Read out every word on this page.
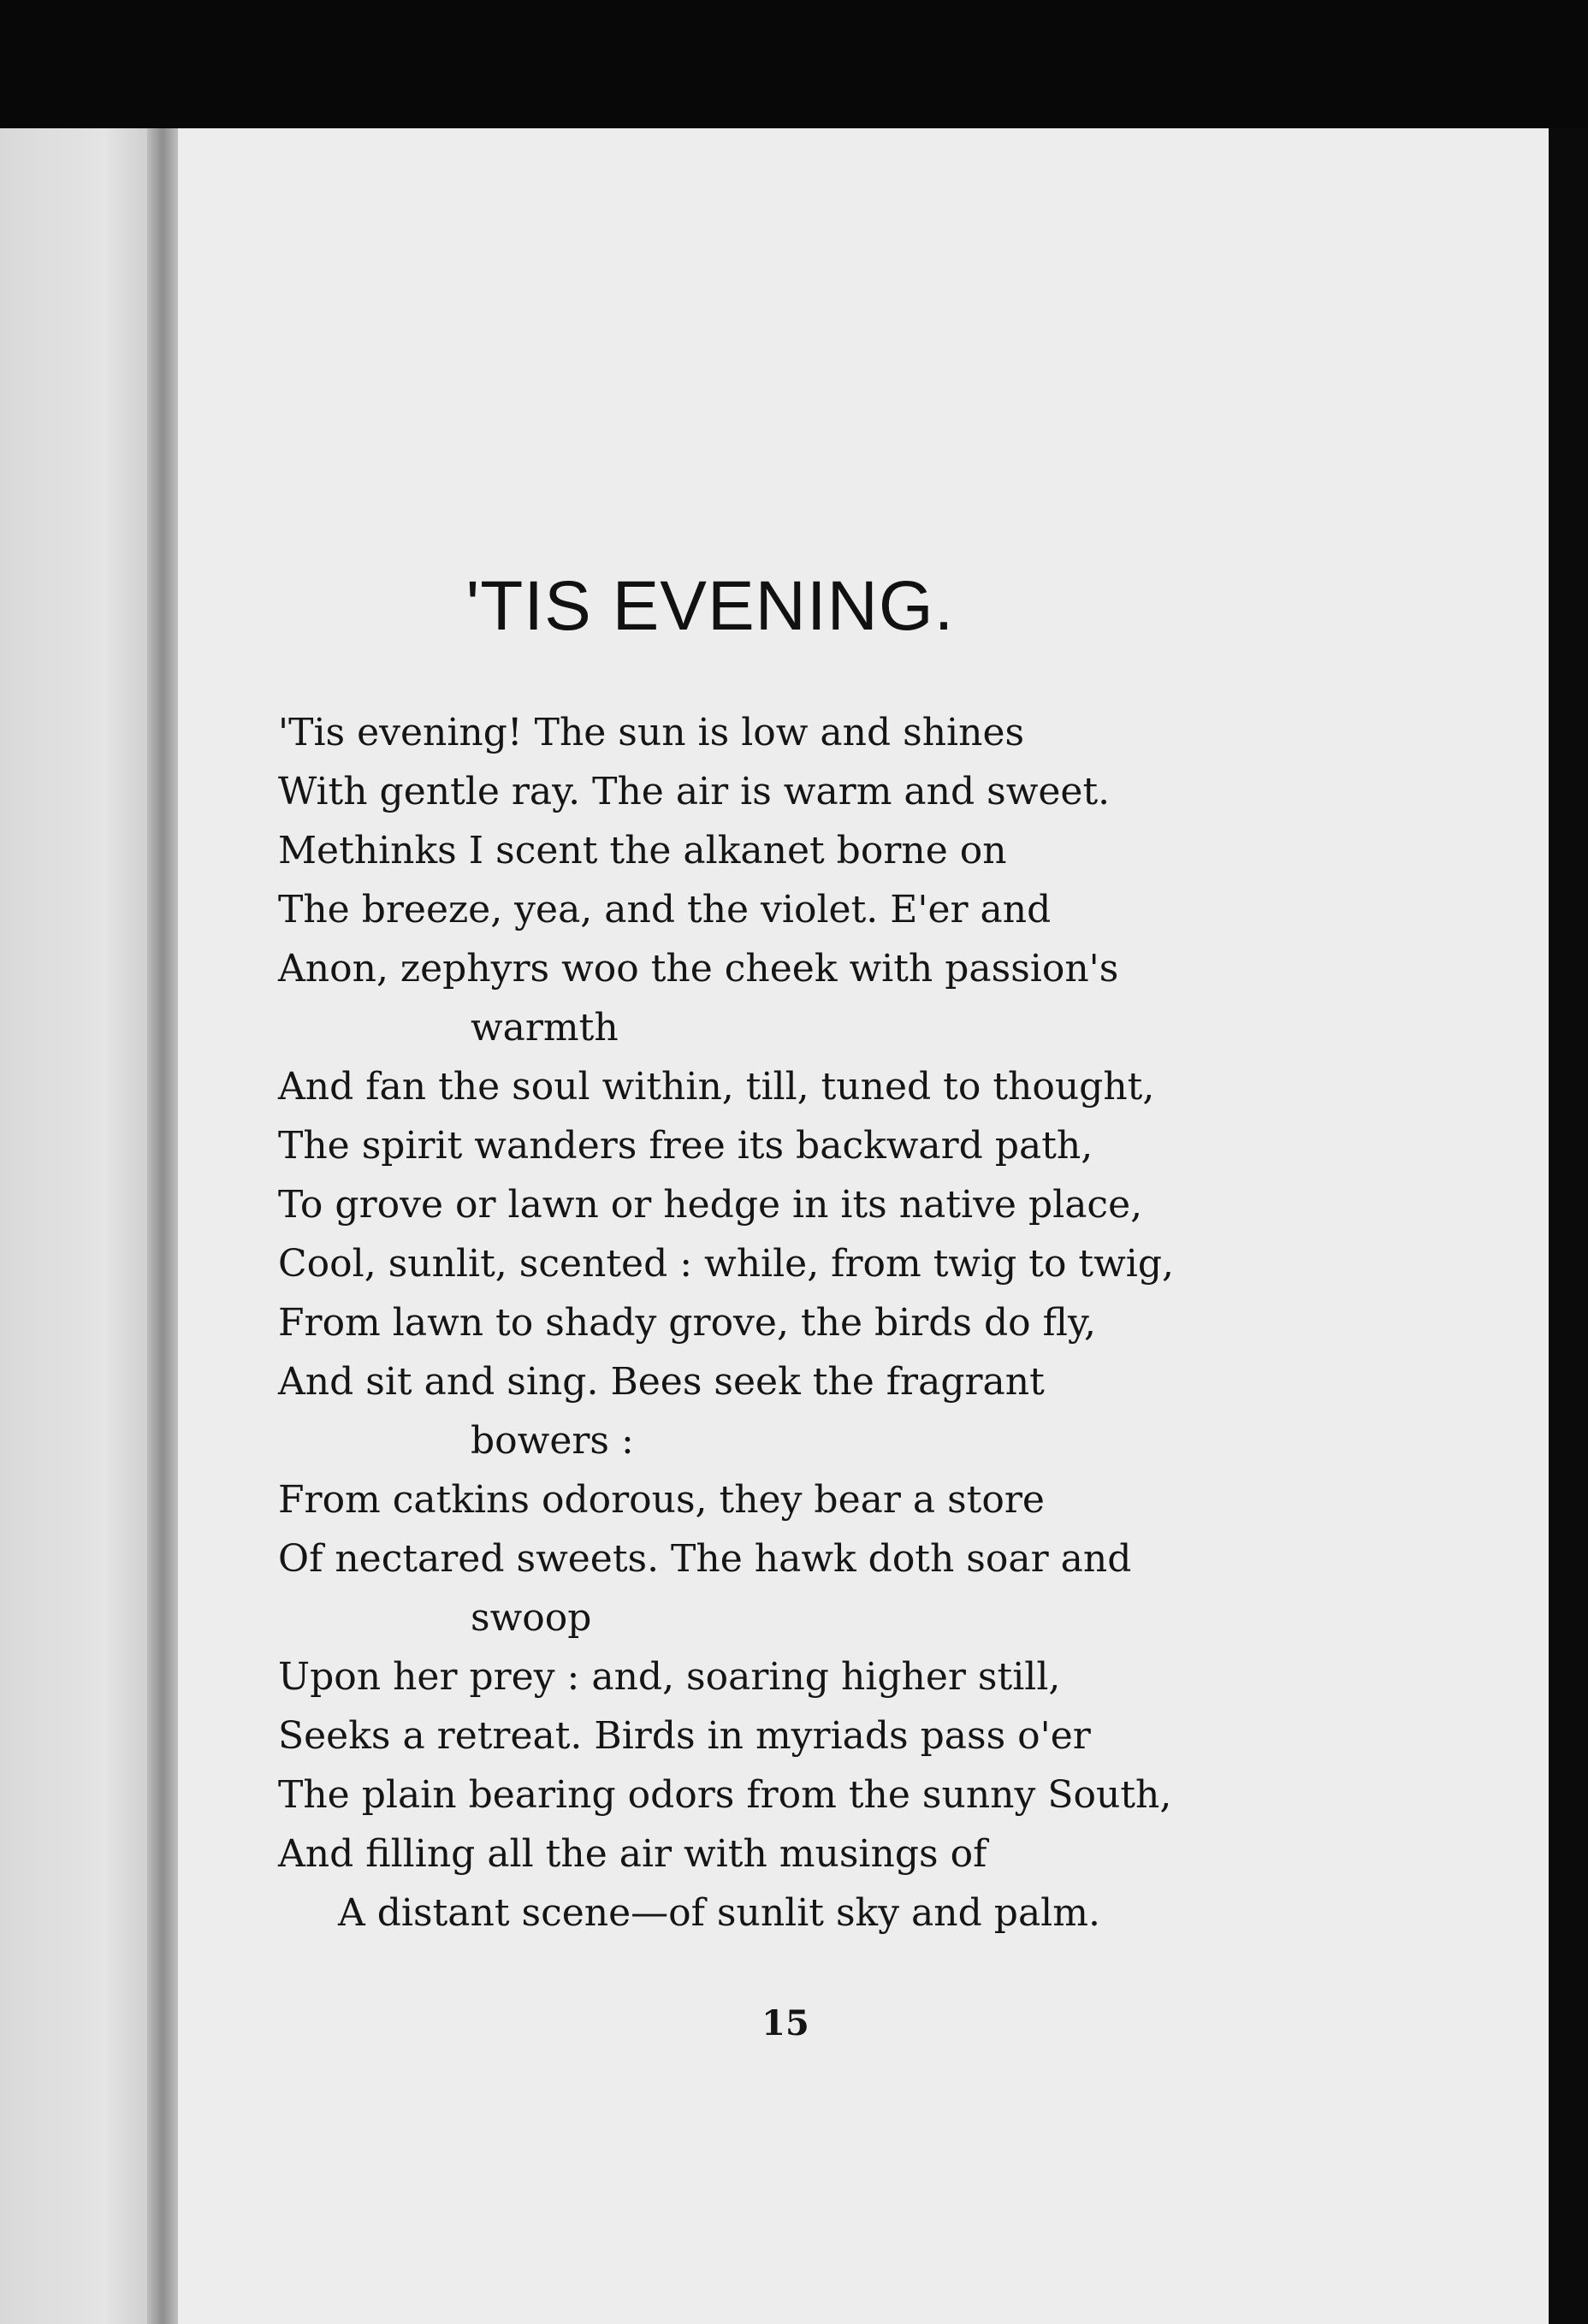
'TIS EVENING.
'Tis evening! The sun is low and shines
With gentle ray. The air is warm and sweet.
Methinks I scent the alkanet borne on
The breeze, yea, and the violet. E'er and
Anon, zephyrs woo the cheek with passion's
warmth
And fan the soul within, till, tuned to thought,
The spirit wanders free its backward path,
To grove or lawn or hedge in its native place,
Cool, sunlit, scented : while, from twig to twig,
From lawn to shady grove, the birds do fly,
And sit and sing. Bees seek the fragrant
bowers :
From catkins odorous, they bear a store
Of nectared sweets. The hawk doth soar and
swoop
Upon her prey : and, soaring higher still,
Seeks a retreat. Birds in myriads pass o'er
The plain bearing odors from the sunny South,
And filling all the air with musings of
A distant scene—of sunlit sky and palm.
15
